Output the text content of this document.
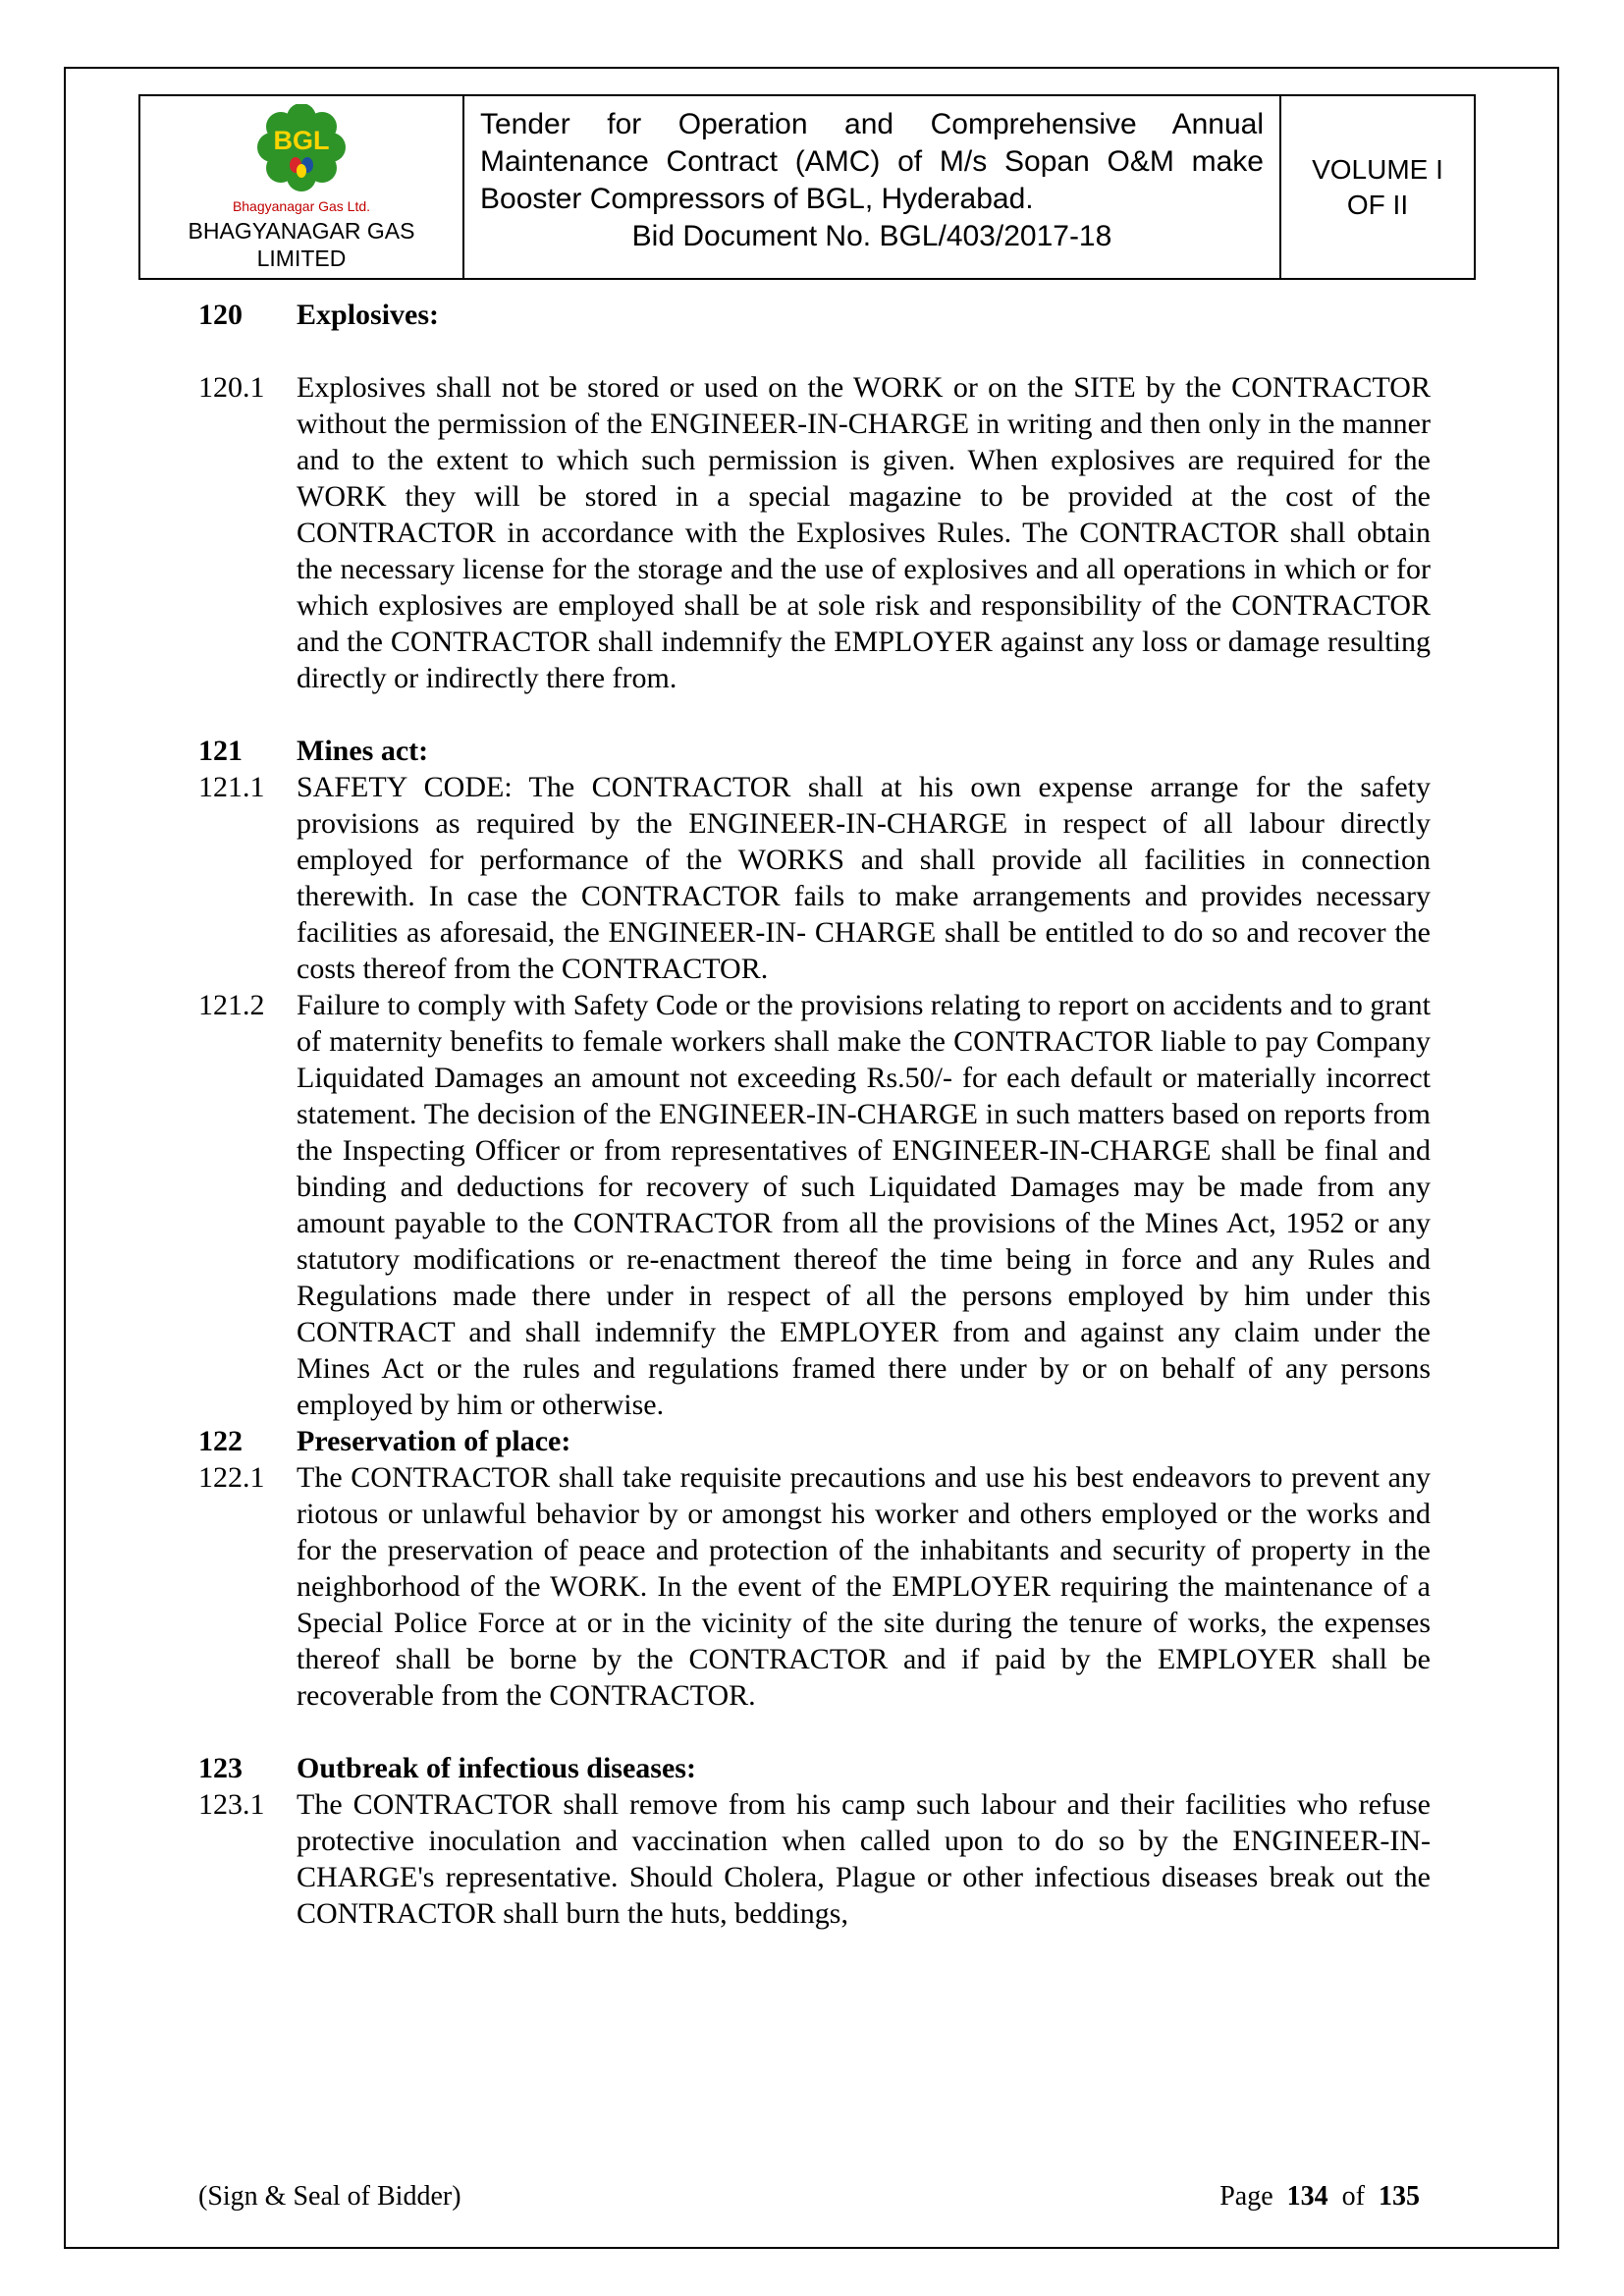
BGL
Bhagyanagar Gas Ltd.
BHAGYANAGAR GAS LIMITED
Tender for Operation and Comprehensive Annual Maintenance Contract (AMC) of M/s Sopan O&M make Booster Compressors of BGL, Hyderabad.
Bid Document No. BGL/403/2017-18
VOLUME I
OF II
120 Explosives:
120.1 Explosives shall not be stored or used on the WORK or on the SITE by the CONTRACTOR without the permission of the ENGINEER-IN-CHARGE in writing and then only in the manner and to the extent to which such permission is given. When explosives are required for the WORK they will be stored in a special magazine to be provided at the cost of the CONTRACTOR in accordance with the Explosives Rules. The CONTRACTOR shall obtain the necessary license for the storage and the use of explosives and all operations in which or for which explosives are employed shall be at sole risk and responsibility of the CONTRACTOR and the CONTRACTOR shall indemnify the EMPLOYER against any loss or damage resulting directly or indirectly there from.
121 Mines act:
121.1 SAFETY CODE: The CONTRACTOR shall at his own expense arrange for the safety provisions as required by the ENGINEER-IN-CHARGE in respect of all labour directly employed for performance of the WORKS and shall provide all facilities in connection therewith. In case the CONTRACTOR fails to make arrangements and provides necessary facilities as aforesaid, the ENGINEER-IN- CHARGE shall be entitled to do so and recover the costs thereof from the CONTRACTOR.
121.2 Failure to comply with Safety Code or the provisions relating to report on accidents and to grant of maternity benefits to female workers shall make the CONTRACTOR liable to pay Company Liquidated Damages an amount not exceeding Rs.50/- for each default or materially incorrect statement. The decision of the ENGINEER-IN-CHARGE in such matters based on reports from the Inspecting Officer or from representatives of ENGINEER-IN-CHARGE shall be final and binding and deductions for recovery of such Liquidated Damages may be made from any amount payable to the CONTRACTOR from all the provisions of the Mines Act, 1952 or any statutory modifications or re-enactment thereof the time being in force and any Rules and Regulations made there under in respect of all the persons employed by him under this CONTRACT and shall indemnify the EMPLOYER from and against any claim under the Mines Act or the rules and regulations framed there under by or on behalf of any persons employed by him or otherwise.
122 Preservation of place:
122.1 The CONTRACTOR shall take requisite precautions and use his best endeavors to prevent any riotous or unlawful behavior by or amongst his worker and others employed or the works and for the preservation of peace and protection of the inhabitants and security of property in the neighborhood of the WORK. In the event of the EMPLOYER requiring the maintenance of a Special Police Force at or in the vicinity of the site during the tenure of works, the expenses thereof shall be borne by the CONTRACTOR and if paid by the EMPLOYER shall be recoverable from the CONTRACTOR.
123 Outbreak of infectious diseases:
123.1 The CONTRACTOR shall remove from his camp such labour and their facilities who refuse protective inoculation and vaccination when called upon to do so by the ENGINEER-IN-CHARGE's representative. Should Cholera, Plague or other infectious diseases break out the CONTRACTOR shall burn the huts, beddings,
(Sign & Seal of Bidder)	Page 134 of 135
